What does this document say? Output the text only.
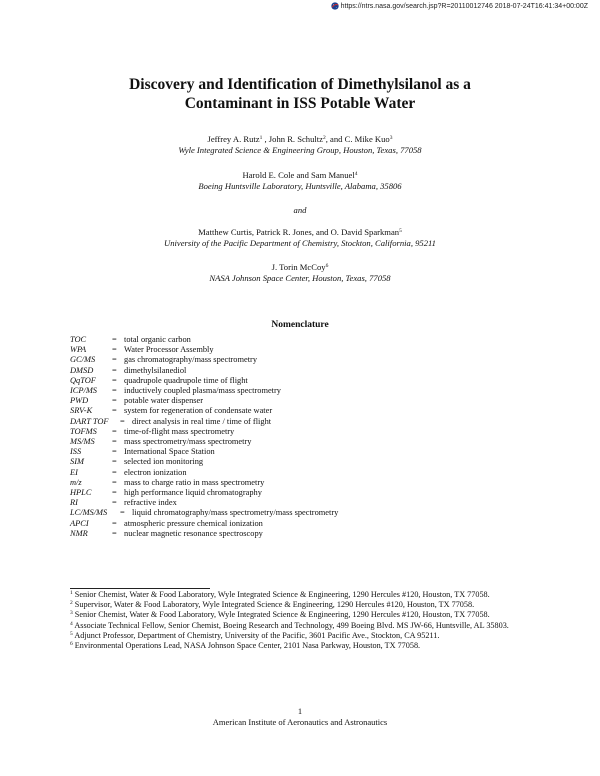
https://ntrs.nasa.gov/search.jsp?R=20110012746 2018-07-24T16:41:34+00:00Z
Discovery and Identification of Dimethylsilanol as a
Contaminant in ISS Potable Water
Jeffrey A. Rutz$^1$ , John R. Schultz$^2$, and C. Mike Kuo$^3$
Wyle Integrated Science & Engineering Group, Houston, Texas, 77058
Harold E. Cole and Sam Manuel$^4$
Boeing Huntsville Laboratory, Huntsville, Alabama, 35806
and
Matthew Curtis, Patrick R. Jones, and O. David Sparkman$^5$
University of the Pacific Department of Chemistry, Stockton, California, 95211
J. Torin McCoy$^6$
NASA Johnson Space Center, Houston, Texas, 77058
Nomenclature
TOC	= total organic carbon
WPA	= Water Processor Assembly
GC/MS	= gas chromatography/mass spectrometry
DMSD	= dimethylsilanediol
QqTOF	= quadrupole quadrupole time of flight
ICP/MS	= inductively coupled plasma/mass spectrometry
PWD	= potable water dispenser
SRV-K	= system for regeneration of condensate water
DART TOF	= direct analysis in real time / time of flight
TOFMS	= time-of-flight mass spectrometry
MS/MS	= mass spectrometry/mass spectrometry
ISS	= International Space Station
SIM	= selected ion monitoring
EI	= electron ionization
m/z	= mass to charge ratio in mass spectrometry
HPLC	= high performance liquid chromatography
RI	= refractive index
LC/MS/MS	= liquid chromatography/mass spectrometry/mass spectrometry
APCI	= atmospheric pressure chemical ionization
NMR	= nuclear magnetic resonance spectroscopy

$^1$ Senior Chemist, Water & Food Laboratory, Wyle Integrated Science & Engineering, 1290 Hercules #120, Houston, TX 77058.

$^2$ Supervisor, Water & Food Laboratory, Wyle Integrated Science & Engineering, 1290 Hercules #120, Houston, TX 77058.

$^3$ Senior Chemist, Water & Food Laboratory, Wyle Integrated Science & Engineering, 1290 Hercules #120, Houston, TX 77058.

$^4$ Associate Technical Fellow, Senior Chemist, Boeing Research and Technology, 499 Boeing Blvd. MS JW-66, Huntsville, AL 35803.

$^5$ Adjunct Professor, Department of Chemistry, University of the Pacific, 3601 Pacific Ave., Stockton, CA 95211.

$^6$ Environmental Operations Lead, NASA Johnson Space Center, 2101 Nasa Parkway, Houston, TX 77058.

1
American Institute of Aeronautics and Astronautics
